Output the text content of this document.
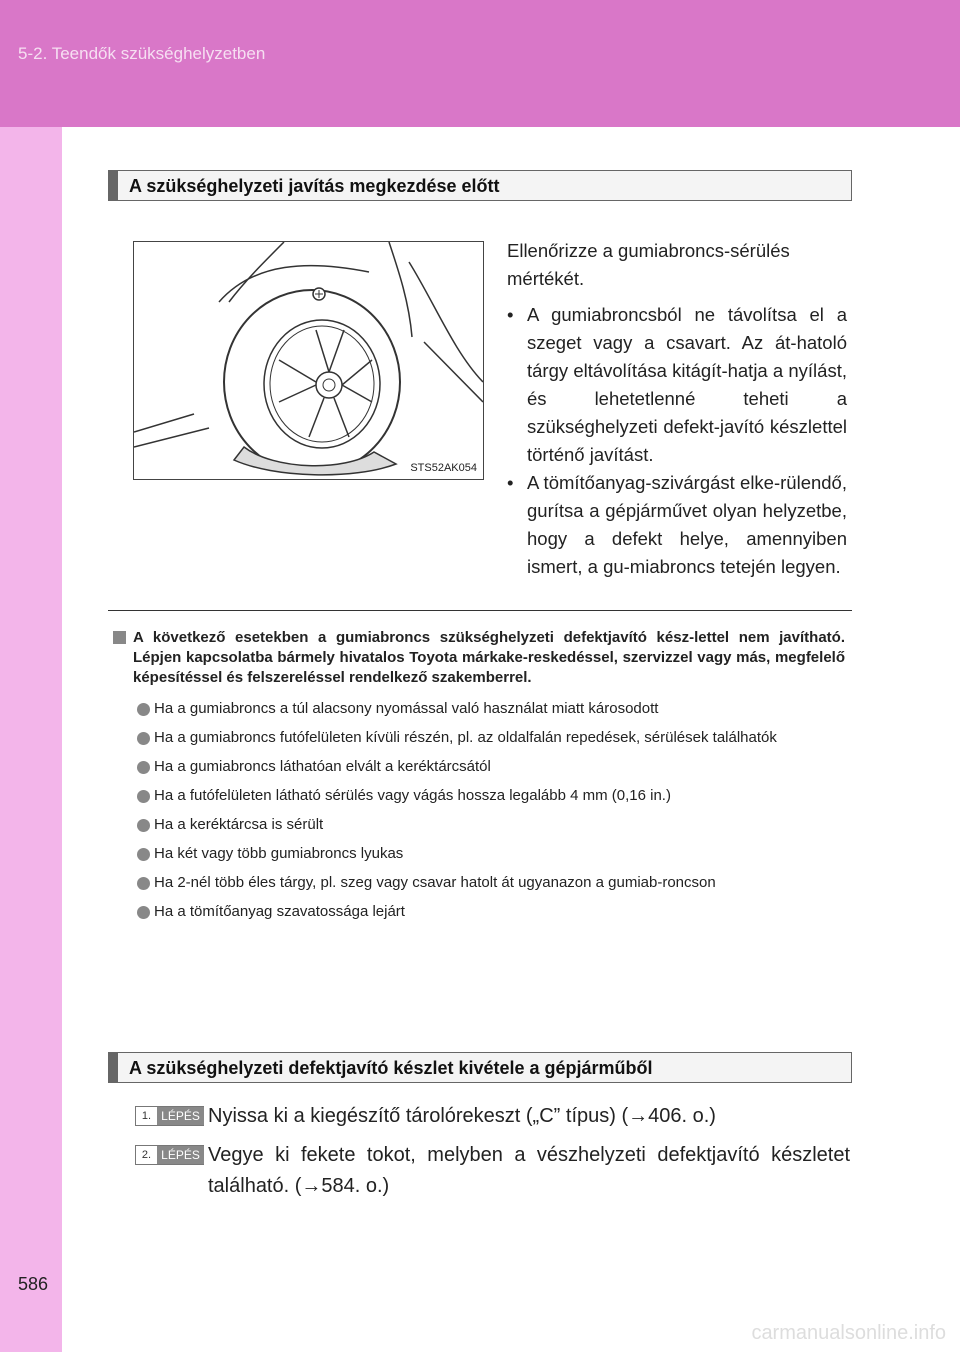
5-2. Teendők szükséghelyzetben
A szükséghelyzeti javítás megkezdése előtt
STS52AK054

Ellenőrizze a gumiabroncs-sérülés mértékét.

• A gumiabroncsból ne távolítsa el a szeget vagy a csavart. Az át-hatoló tárgy eltávolítása kitágít-hatja a nyílást, és lehetetlenné teheti a szükséghelyzeti defekt-javító készlettel történő javítást.
• A tömítőanyag-szivárgást elke-rülendő, gurítsa a gépjárművet olyan helyzetbe, hogy a defekt helye, amennyiben ismert, a gu-miabroncs tetején legyen.
A következő esetekben a gumiabroncs szükséghelyzeti defektjavító kész-lettel nem javítható. Lépjen kapcsolatba bármely hivatalos Toyota márkake-reskedéssel, szervizzel vagy más, megfelelő képesítéssel és felszereléssel rendelkező szakemberrel.
Ha a gumiabroncs a túl alacsony nyomással való használat miatt károsodott
Ha a gumiabroncs futófelületen kívüli részén, pl. az oldalfalán repedések, sérülések találhatók
Ha a gumiabroncs láthatóan elvált a keréktárcsától
Ha a futófelületen látható sérülés vagy vágás hossza legalább 4 mm (0,16 in.)
Ha a keréktárcsa is sérült
Ha két vagy több gumiabroncs lyukas
Ha 2-nél több éles tárgy, pl. szeg vagy csavar hatolt át ugyanazon a gumiab-roncson
Ha a tömítőanyag szavatossága lejárt
A szükséghelyzeti defektjavító készlet kivétele a gépjárműből
1. LÉPÉS Nyissa ki a kiegészítő tárolórekeszt („C” típus) (→406. o.)
2. LÉPÉS Vegye ki fekete tokot, melyben a vészhelyzeti defektjavító készletet található. (→584. o.)
586
carmanualsonline.info
